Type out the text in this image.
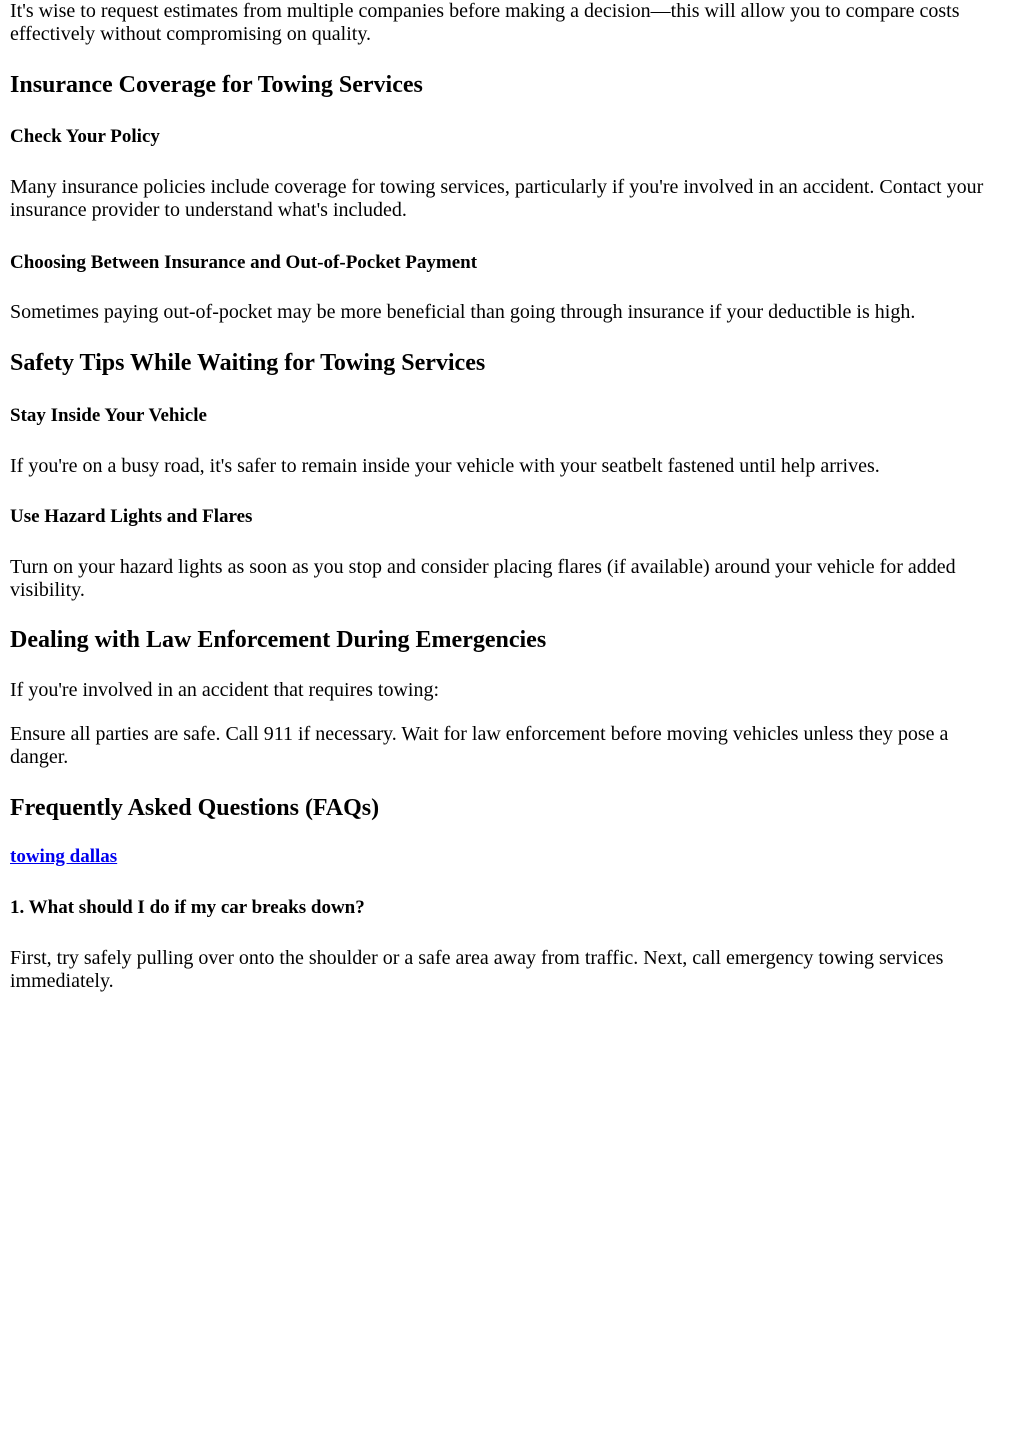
It's wise to request estimates from multiple companies before making a decision—this will allow you to compare costs effectively without compromising on quality.

Insurance Coverage for Towing Services
Check Your Policy

Many insurance policies include coverage for towing services, particularly if you're involved in an accident. Contact your insurance provider to understand what's included.

Choosing Between Insurance and Out-of-Pocket Payment

Sometimes paying out-of-pocket may be more beneficial than going through insurance if your deductible is high.

Safety Tips While Waiting for Towing Services
Stay Inside Your Vehicle

If you're on a busy road, it's safer to remain inside your vehicle with your seatbelt fastened until help arrives.

Use Hazard Lights and Flares

Turn on your hazard lights as soon as you stop and consider placing flares (if available) around your vehicle for added visibility.

Dealing with Law Enforcement During Emergencies

If you're involved in an accident that requires towing:

Ensure all parties are safe. Call 911 if necessary. Wait for law enforcement before moving vehicles unless they pose a danger.

Frequently Asked Questions (FAQs)
towing dallas
1. What should I do if my car breaks down?

First, try safely pulling over onto the shoulder or a safe area away from traffic. Next, call emergency towing services immediately.
